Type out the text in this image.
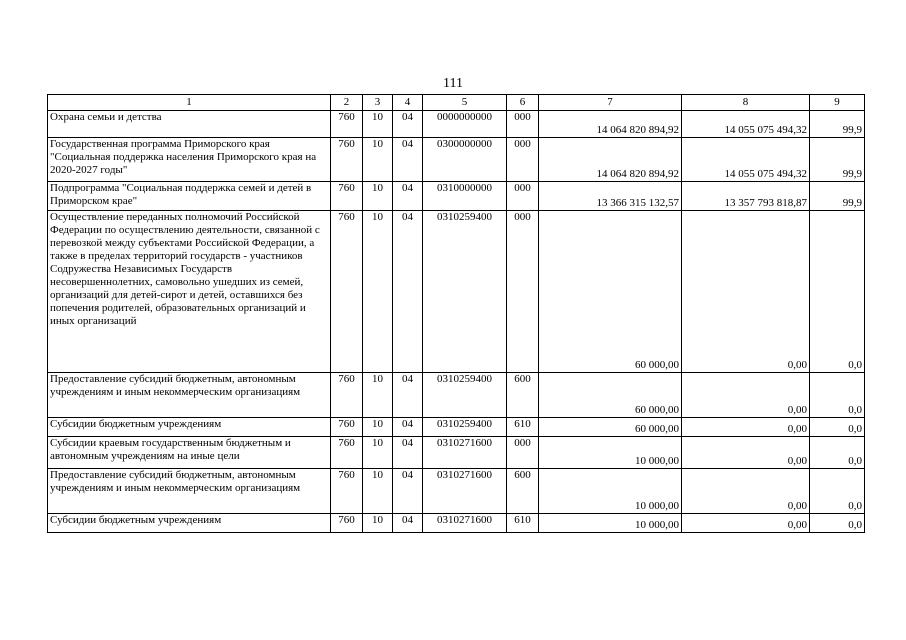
111
1	2	3	4	5	6	7	8	9
Охрана семьи и детства	760	10	04	0000000000	000	14 064 820 894,92	14 055 075 494,32	99,9
Государственная программа Приморского края "Социальная поддержка населения Приморского края на 2020-2027 годы"	760	10	04	0300000000	000	14 064 820 894,92	14 055 075 494,32	99,9
Подпрограмма "Социальная поддержка семей и детей в Приморском крае"	760	10	04	0310000000	000	13 366 315 132,57	13 357 793 818,87	99,9
Осуществление переданных полномочий Российской Федерации по осуществлению деятельности, связанной с перевозкой между субъектами Российской Федерации, а также в пределах территорий государств - участников Содружества Независимых Государств несовершеннолетних, самовольно ушедших из семей, организаций для детей-сирот и детей, оставшихся без попечения родителей, образовательных организаций и иных организаций	760	10	04	0310259400	000	60 000,00	0,00	0,0
Предоставление субсидий бюджетным, автономным учреждениям и иным некоммерческим организациям	760	10	04	0310259400	600	60 000,00	0,00	0,0
Субсидии бюджетным учреждениям	760	10	04	0310259400	610	60 000,00	0,00	0,0
Субсидии краевым государственным бюджетным и автономным учреждениям на иные цели	760	10	04	0310271600	000	10 000,00	0,00	0,0
Предоставление субсидий бюджетным, автономным учреждениям и иным некоммерческим организациям	760	10	04	0310271600	600	10 000,00	0,00	0,0
Субсидии бюджетным учреждениям	760	10	04	0310271600	610	10 000,00	0,00	0,0
